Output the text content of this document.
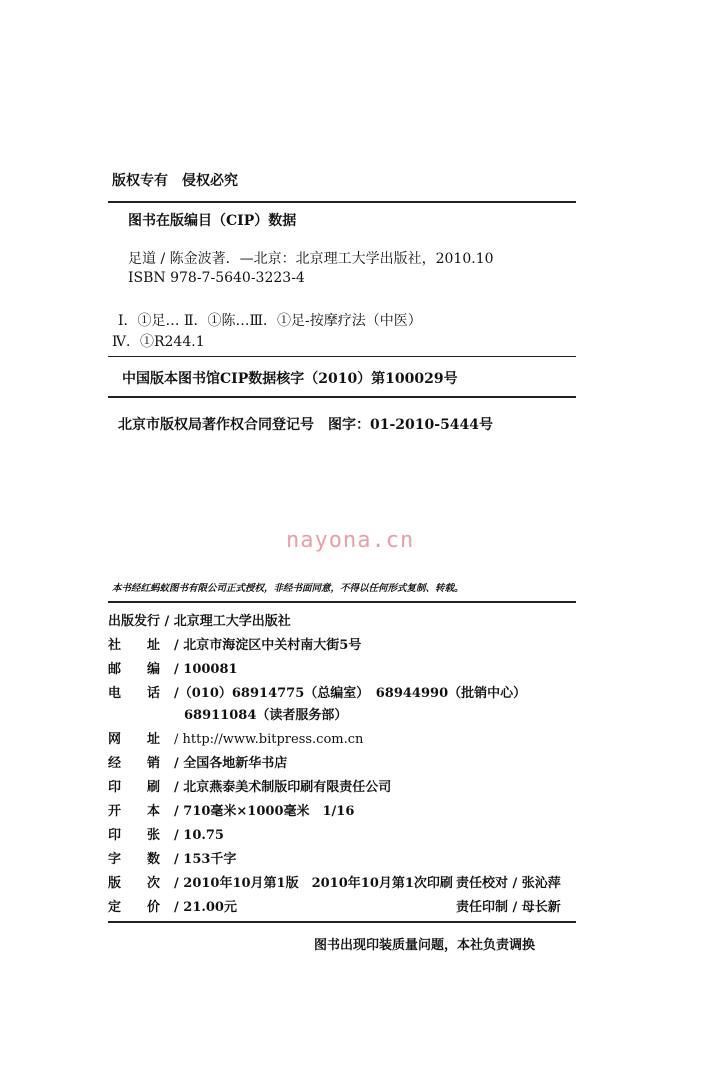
版权专有　侵权必究
图书在版编目（CIP）数据
足道 / 陈金波著．—北京：北京理工大学出版社，2010.10
ISBN 978-7-5640-3223-4
Ⅰ．①足… Ⅱ．①陈…Ⅲ．①足-按摩疗法（中医）
Ⅳ．①R244.1
中国版本图书馆CIP数据核字（2010）第100029号
北京市版权局著作权合同登记号　图字：01-2010-5444号
nayona.cn
本书经红蚂蚁图书有限公司正式授权，非经书面同意，不得以任何形式复制、转载。
出版发行 / 北京理工大学出版社
社　　址 / 北京市海淀区中关村南大街5号
邮　　编 / 100081
电　　话 /（010）68914775（总编室）　68944990（批销中心）
68911084（读者服务部）
网　　址 / http://www.bitpress.com.cn
经　　销 / 全国各地新华书店
印　　刷 / 北京燕泰美术制版印刷有限责任公司
开　　本 / 710毫米×1000毫米　1/16
印　　张 / 10.75
字　　数 / 153千字
版　　次 / 2010年10月第1版　2010年10月第1次印刷 责任校对 / 张沁萍
定　　价 / 21.00元	责任印制 / 母长新
图书出现印装质量问题，本社负责调换
